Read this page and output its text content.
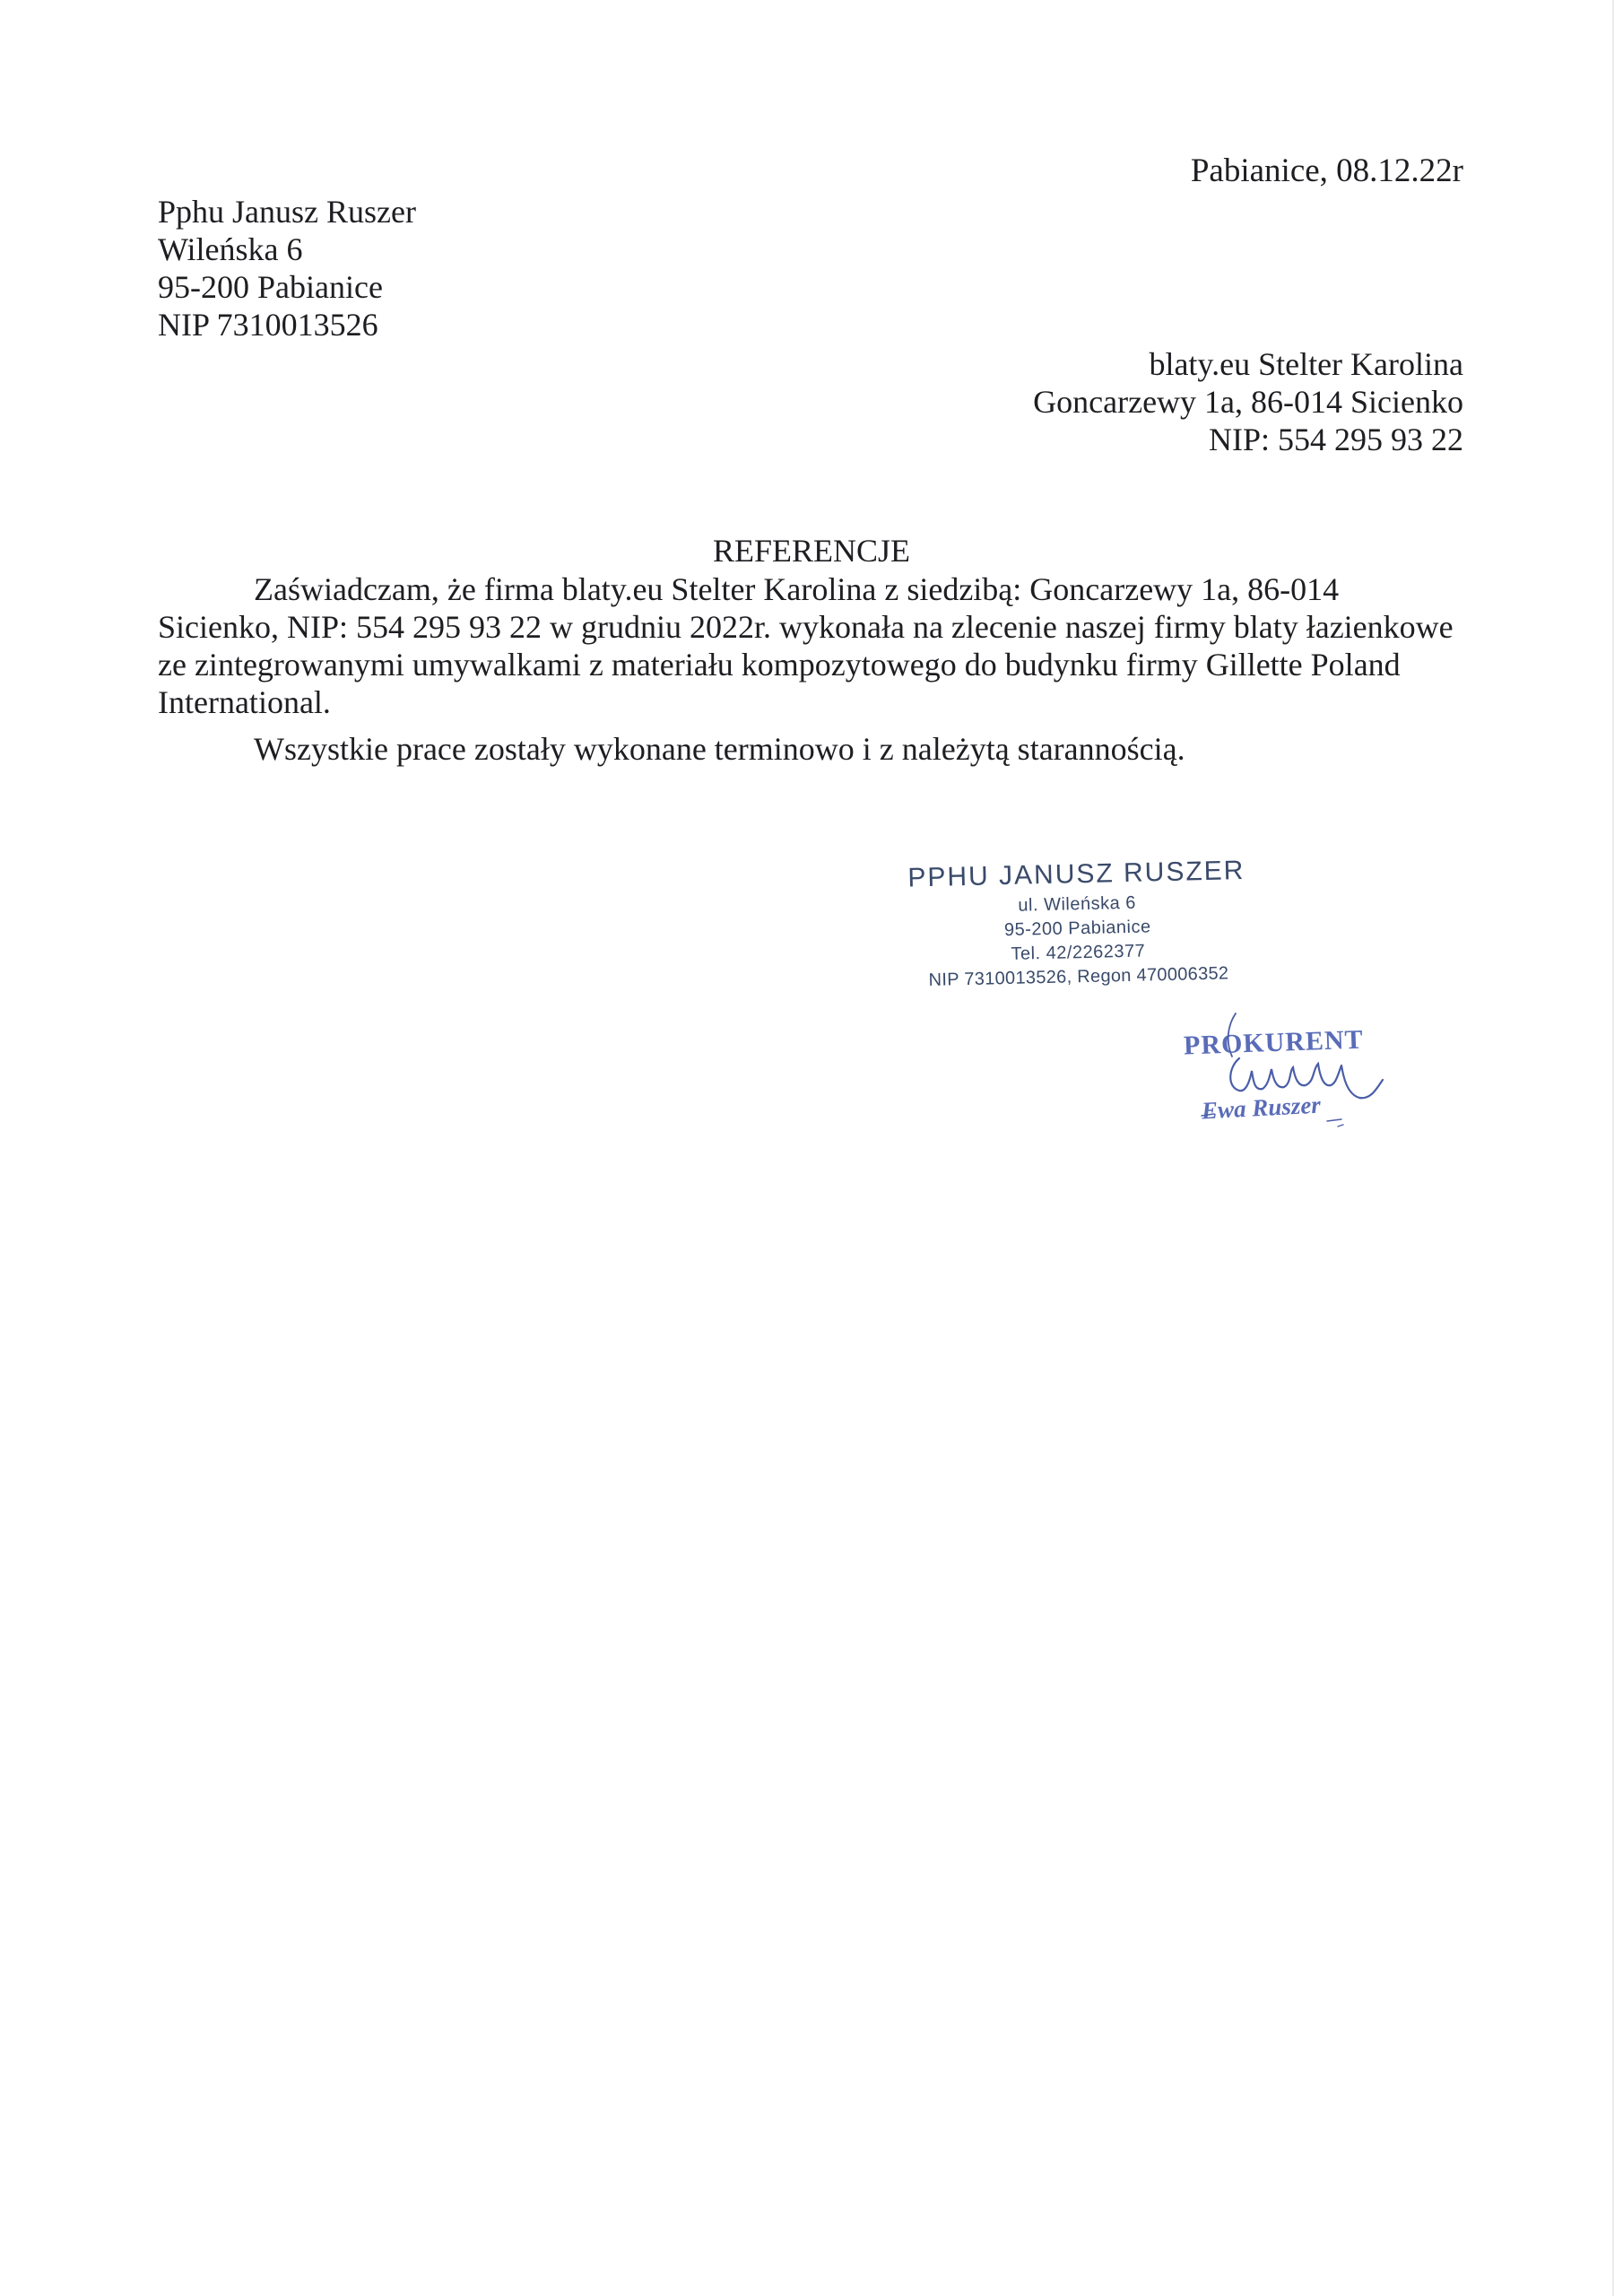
Pabianice, 08.12.22r
Pphu Janusz Ruszer
Wileńska 6
95-200 Pabianice
NIP 7310013526
blaty.eu Stelter Karolina
Goncarzewy 1a, 86-014 Sicienko
NIP: 554 295 93 22
REFERENCJE

Zaświadczam, że firma blaty.eu Stelter Karolina z siedzibą: Goncarzewy 1a, 86-014 Sicienko, NIP: 554 295 93 22 w grudniu 2022r. wykonała na zlecenie naszej firmy blaty łazienkowe ze zintegrowanymi umywalkami z materiału kompozytowego do budynku firmy Gillette Poland International.

Wszystkie prace zostały wykonane terminowo i z należytą starannością.

PPHU JANUSZ RUSZER
ul. Wileńska 6
95-200 Pabianice
Tel. 42/2262377
NIP 7310013526, Regon 470006352
PROKURENT
Ewa Ruszer
